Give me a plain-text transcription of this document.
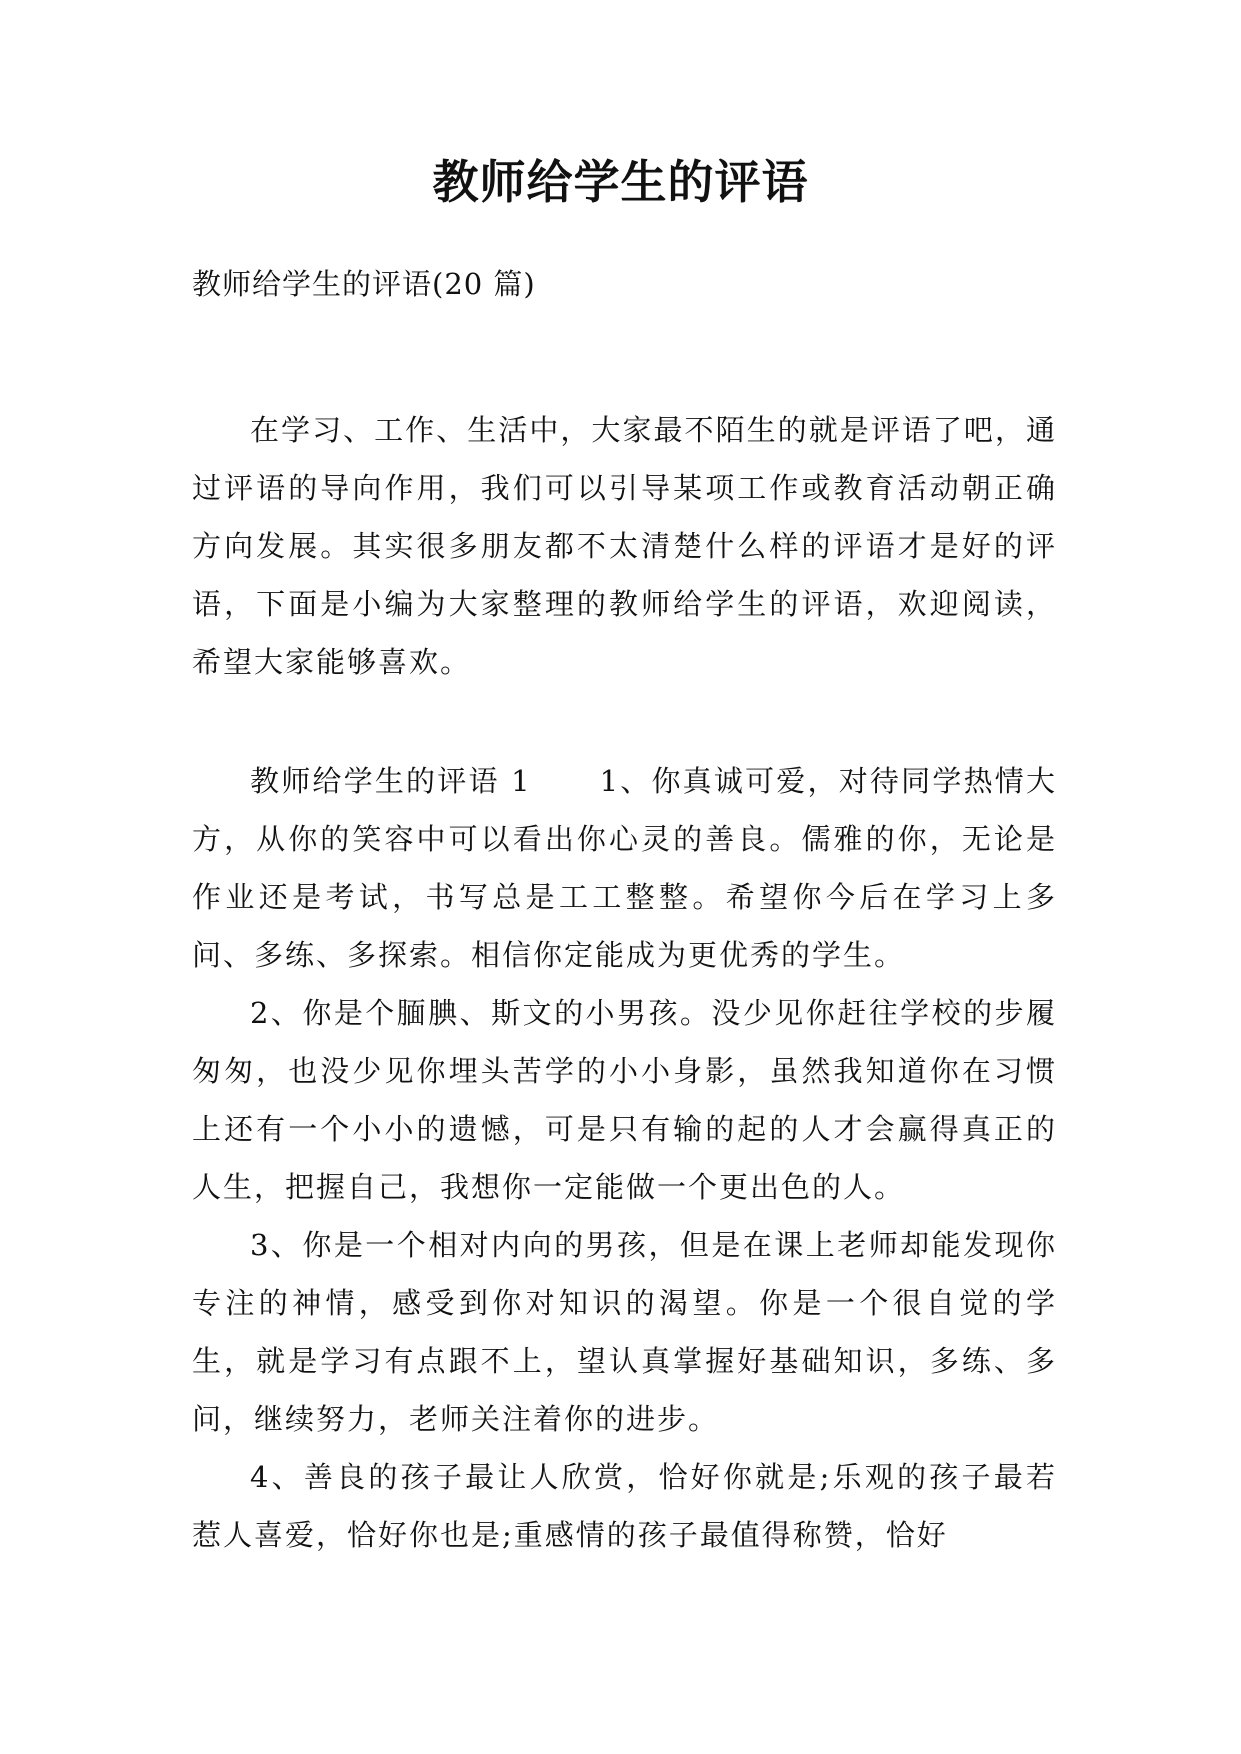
教师给学生的评语

教师给学生的评语(20 篇)

在学习、工作、生活中，大家最不陌生的就是评语了吧，通过评语的导向作用，我们可以引导某项工作或教育活动朝正确方向发展。其实很多朋友都不太清楚什么样的评语才是好的评语，下面是小编为大家整理的教师给学生的评语，欢迎阅读，希望大家能够喜欢。

教师给学生的评语 1 1、你真诚可爱，对待同学热情大方，从你的笑容中可以看出你心灵的善良。儒雅的你，无论是作业还是考试，书写总是工工整整。希望你今后在学习上多问、多练、多探索。相信你定能成为更优秀的学生。

2、你是个腼腆、斯文的小男孩。没少见你赶往学校的步履匆匆，也没少见你埋头苦学的小小身影，虽然我知道你在习惯上还有一个小小的遗憾，可是只有输的起的人才会赢得真正的人生，把握自己，我想你一定能做一个更出色的人。

3、你是一个相对内向的男孩，但是在课上老师却能发现你专注的神情，感受到你对知识的渴望。你是一个很自觉的学生，就是学习有点跟不上，望认真掌握好基础知识，多练、多问，继续努力，老师关注着你的进步。

4、善良的孩子最让人欣赏，恰好你就是;乐观的孩子最若惹人喜爱，恰好你也是;重感情的孩子最值得称赞，恰好
